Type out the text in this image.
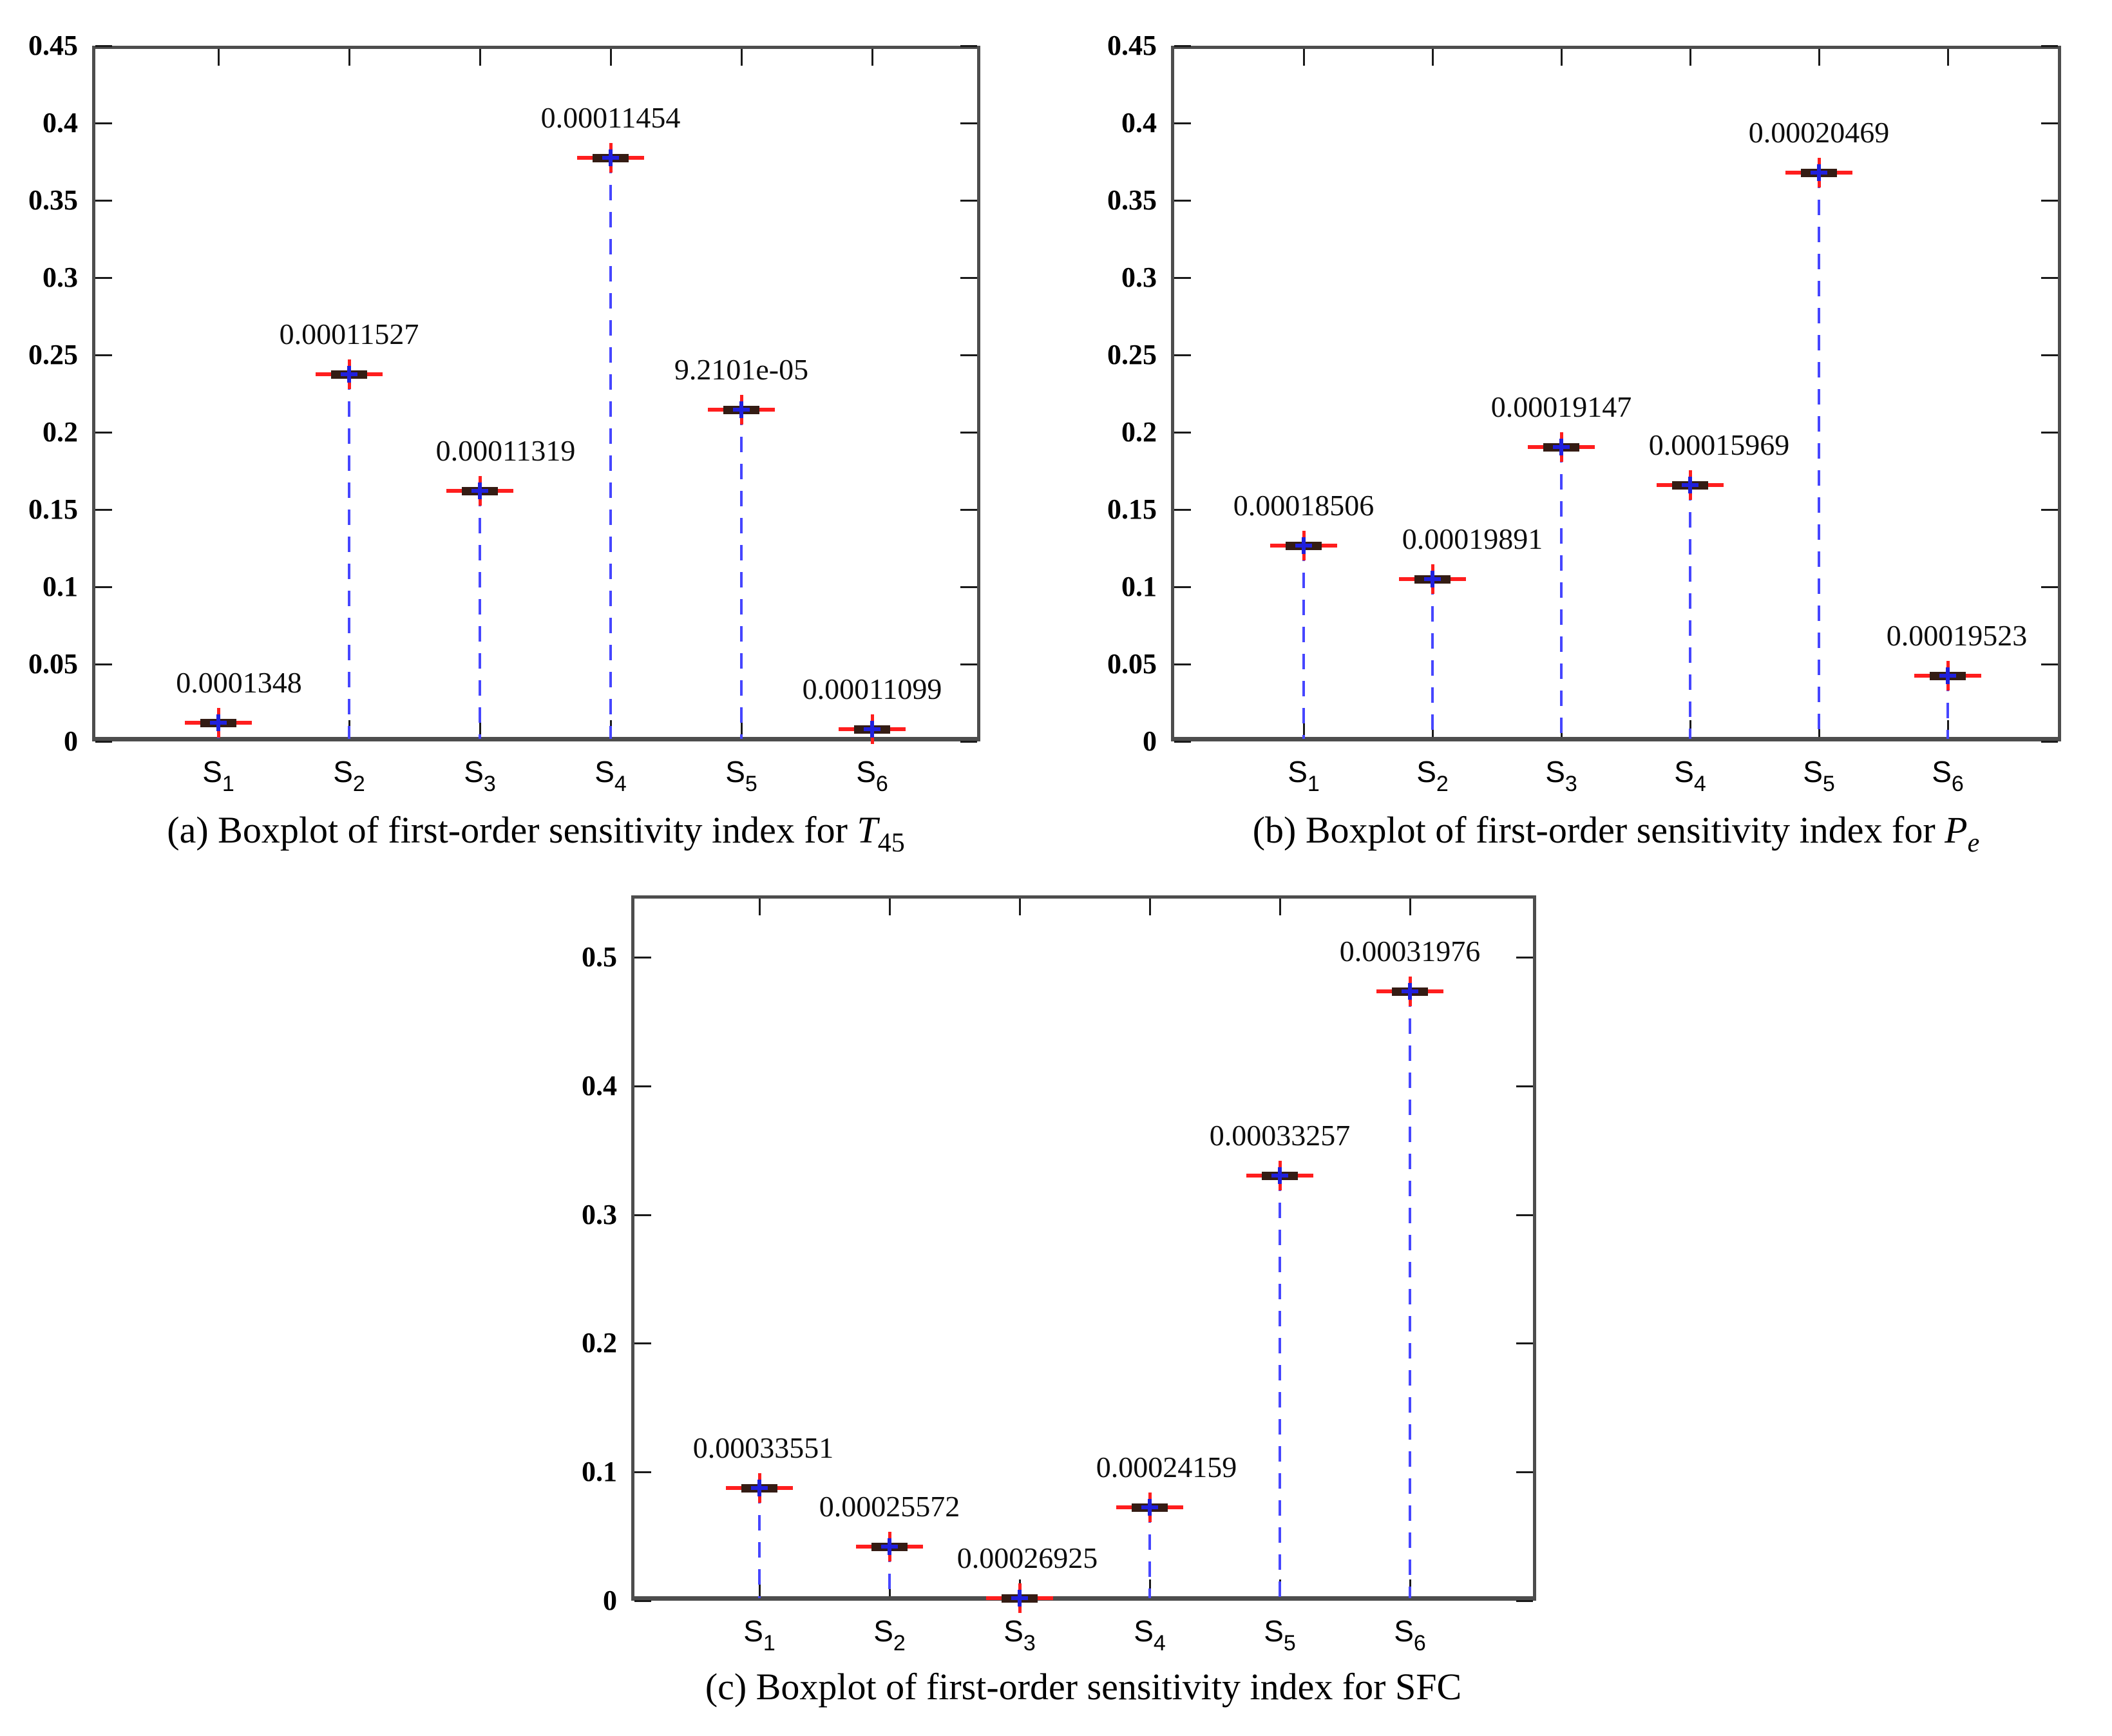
0.45
0.4
0.35
0.3
0.25
0.2
0.15
0.1
0.05
0
$S_1$	$S_2$	$S_3$	$S_4$	$S_5$	$S_6$
0.0001348
0.00011527
0.00011319
0.00011454
9.2101e-05
0.00011099
0.45
0.4
0.35
0.3
0.25
0.2
0.15
0.1
0.05
0
$S_1$	$S_2$	$S_3$	$S_4$	$S_5$	$S_6$
0.00018506
0.00019891
0.00019147
0.00015969
0.00020469
0.00019523
0.5
0.4
0.3
0.2
0.1
0
$S_1$	$S_2$	$S_3$	$S_4$	$S_5$	$S_6$
0.00033551
0.00025572
0.00026925
0.00024159
0.00033257
0.00031976
(a) Boxplot of first-order sensitivity index for $T_{45}$	(b) Boxplot of first-order sensitivity index for $P_e$
(c) Boxplot of first-order sensitivity index for SFC
